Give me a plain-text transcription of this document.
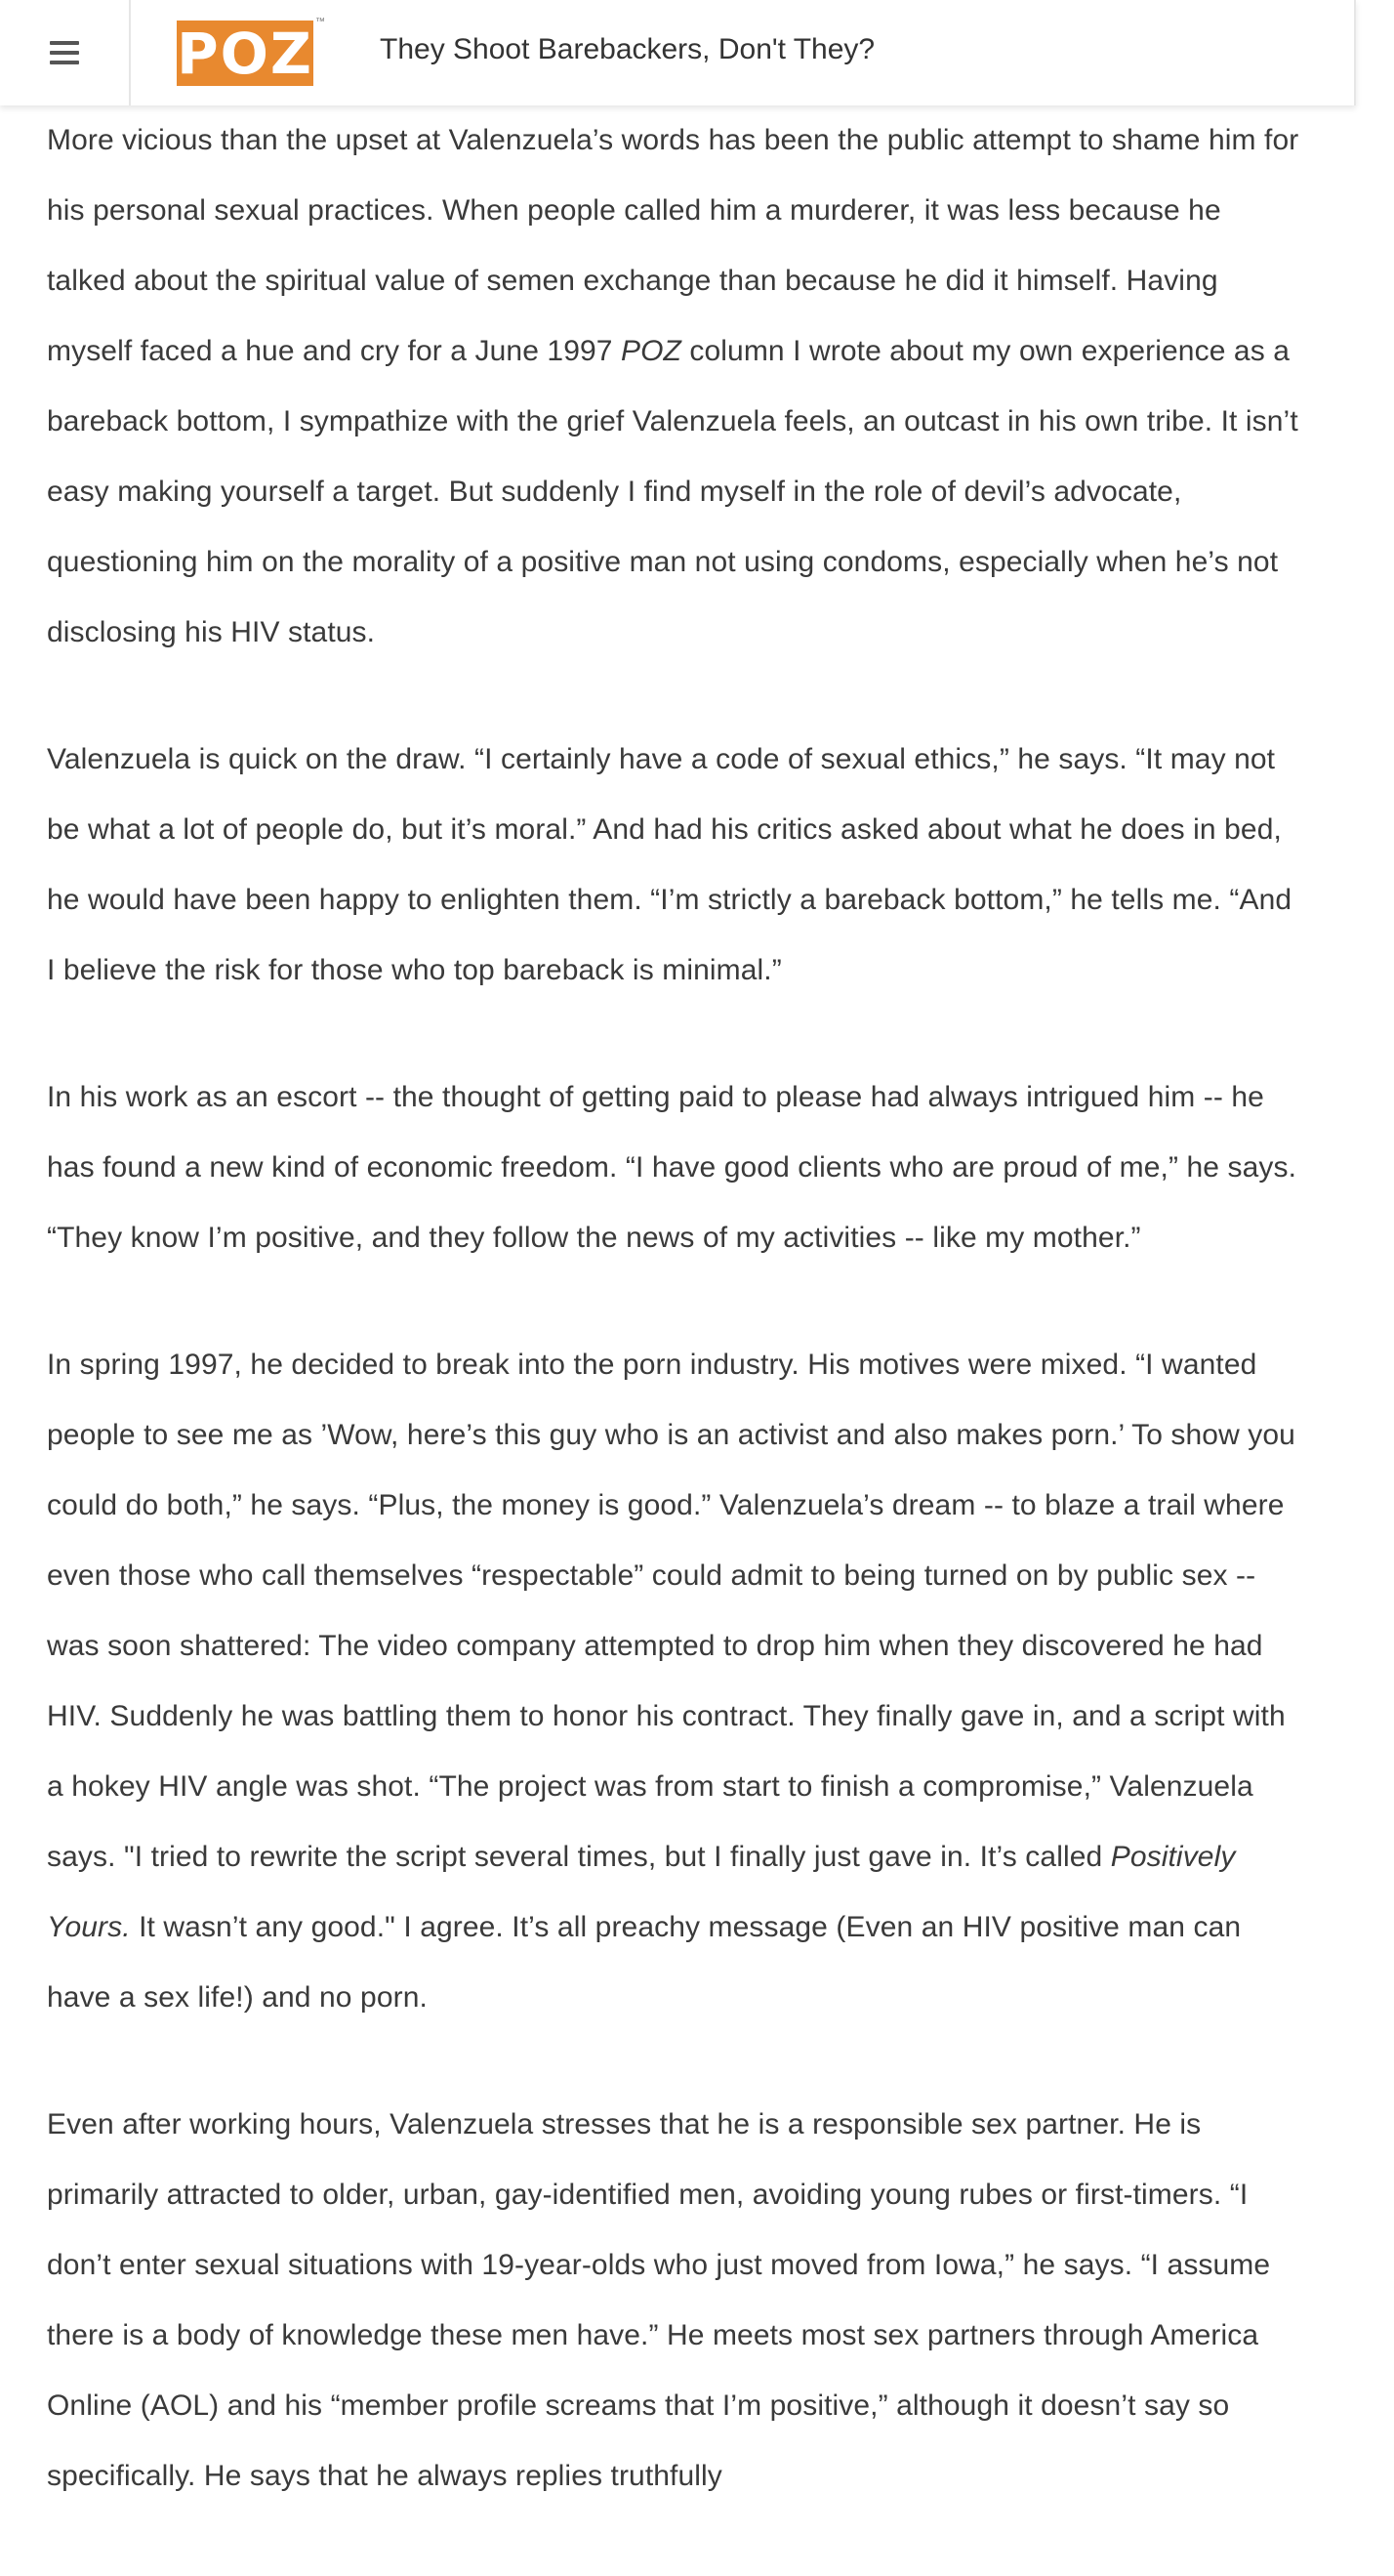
POZ ™
They Shoot Barebackers, Don't They?

More vicious than the upset at Valenzuela’s words has been the public attempt to shame him for his personal sexual practices. When people called him a murderer, it was less because he talked about the spiritual value of semen exchange than because he did it himself. Having myself faced a hue and cry for a June 1997 POZ column I wrote about my own experience as a bareback bottom, I sympathize with the grief Valenzuela feels, an outcast in his own tribe. It isn’t easy making yourself a target. But suddenly I find myself in the role of devil’s advocate, questioning him on the morality of a positive man not using condoms, especially when he’s not disclosing his HIV status.

Valenzuela is quick on the draw. “I certainly have a code of sexual ethics,” he says. “It may not be what a lot of people do, but it’s moral.” And had his critics asked about what he does in bed, he would have been happy to enlighten them. “I’m strictly a bareback bottom,” he tells me. “And I believe the risk for those who top bareback is minimal.”

In his work as an escort -- the thought of getting paid to please had always intrigued him -- he has found a new kind of economic freedom. “I have good clients who are proud of me,” he says. “They know I’m positive, and they follow the news of my activities -- like my mother.”

In spring 1997, he decided to break into the porn industry. His motives were mixed. “I wanted people to see me as ’Wow, here’s this guy who is an activist and also makes porn.’ To show you could do both,” he says. “Plus, the money is good.” Valenzuela’s dream -- to blaze a trail where even those who call themselves “respectable” could admit to being turned on by public sex -- was soon shattered: The video company attempted to drop him when they discovered he had HIV. Suddenly he was battling them to honor his contract. They finally gave in, and a script with a hokey HIV angle was shot. “The project was from start to finish a compromise,” Valenzuela says. "I tried to rewrite the script several times, but I finally just gave in. It’s called Positively Yours. It wasn’t any good." I agree. It’s all preachy message (Even an HIV positive man can have a sex life!) and no porn.

Even after working hours, Valenzuela stresses that he is a responsible sex partner. He is primarily attracted to older, urban, gay-identified men, avoiding young rubes or first-timers. “I don’t enter sexual situations with 19-year-olds who just moved from Iowa,” he says. “I assume there is a body of knowledge these men have.” He meets most sex partners through America Online (AOL) and his “member profile screams that I’m positive,” although it doesn’t say so specifically. He says that he always replies truthfully
